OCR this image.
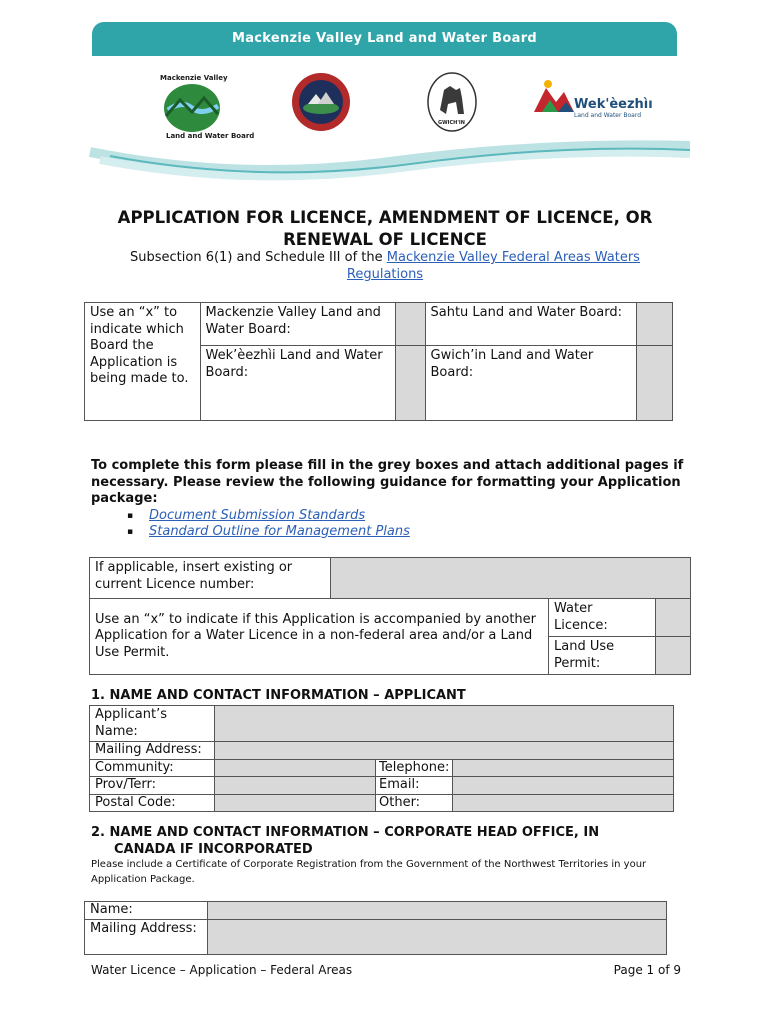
Mackenzie Valley Land and Water Board
Mackenzie Valley
Land and Water Board
GWICH'IN
Wek'èezhìı
Land and Water Board
APPLICATION FOR LICENCE, AMENDMENT OF LICENCE, OR RENEWAL OF LICENCE
Subsection 6(1) and Schedule III of the Mackenzie Valley Federal Areas Waters Regulations
Use an “x” to indicate which Board the Application is being made to.	Mackenzie Valley Land and Water Board:		Sahtu Land and Water Board:	
	Wek’èezhìi Land and Water Board:		Gwich’in Land and Water Board:	
To complete this form please fill in the grey boxes and attach additional pages if necessary. Please review the following guidance for formatting your Application package:
▪ Document Submission Standards
▪ Standard Outline for Management Plans
If applicable, insert existing or current Licence number:			
Use an “x” to indicate if this Application is accompanied by another Application for a Water Licence in a non-federal area and/or a Land Use Permit.		Water Licence:	
		Land Use Permit:	
1. NAME AND CONTACT INFORMATION – APPLICANT
Applicant’s Name:			
Mailing Address:			
Community:		Telephone:	
Prov/Terr:		Email:	
Postal Code:		Other:	
2. NAME AND CONTACT INFORMATION – CORPORATE HEAD OFFICE, IN
CANADA IF INCORPORATED
Please include a Certificate of Corporate Registration from the Government of the Northwest Territories in your Application Package.
Name:	
Mailing Address:	
Water Licence – Application – Federal Areas	Page 1 of 9
